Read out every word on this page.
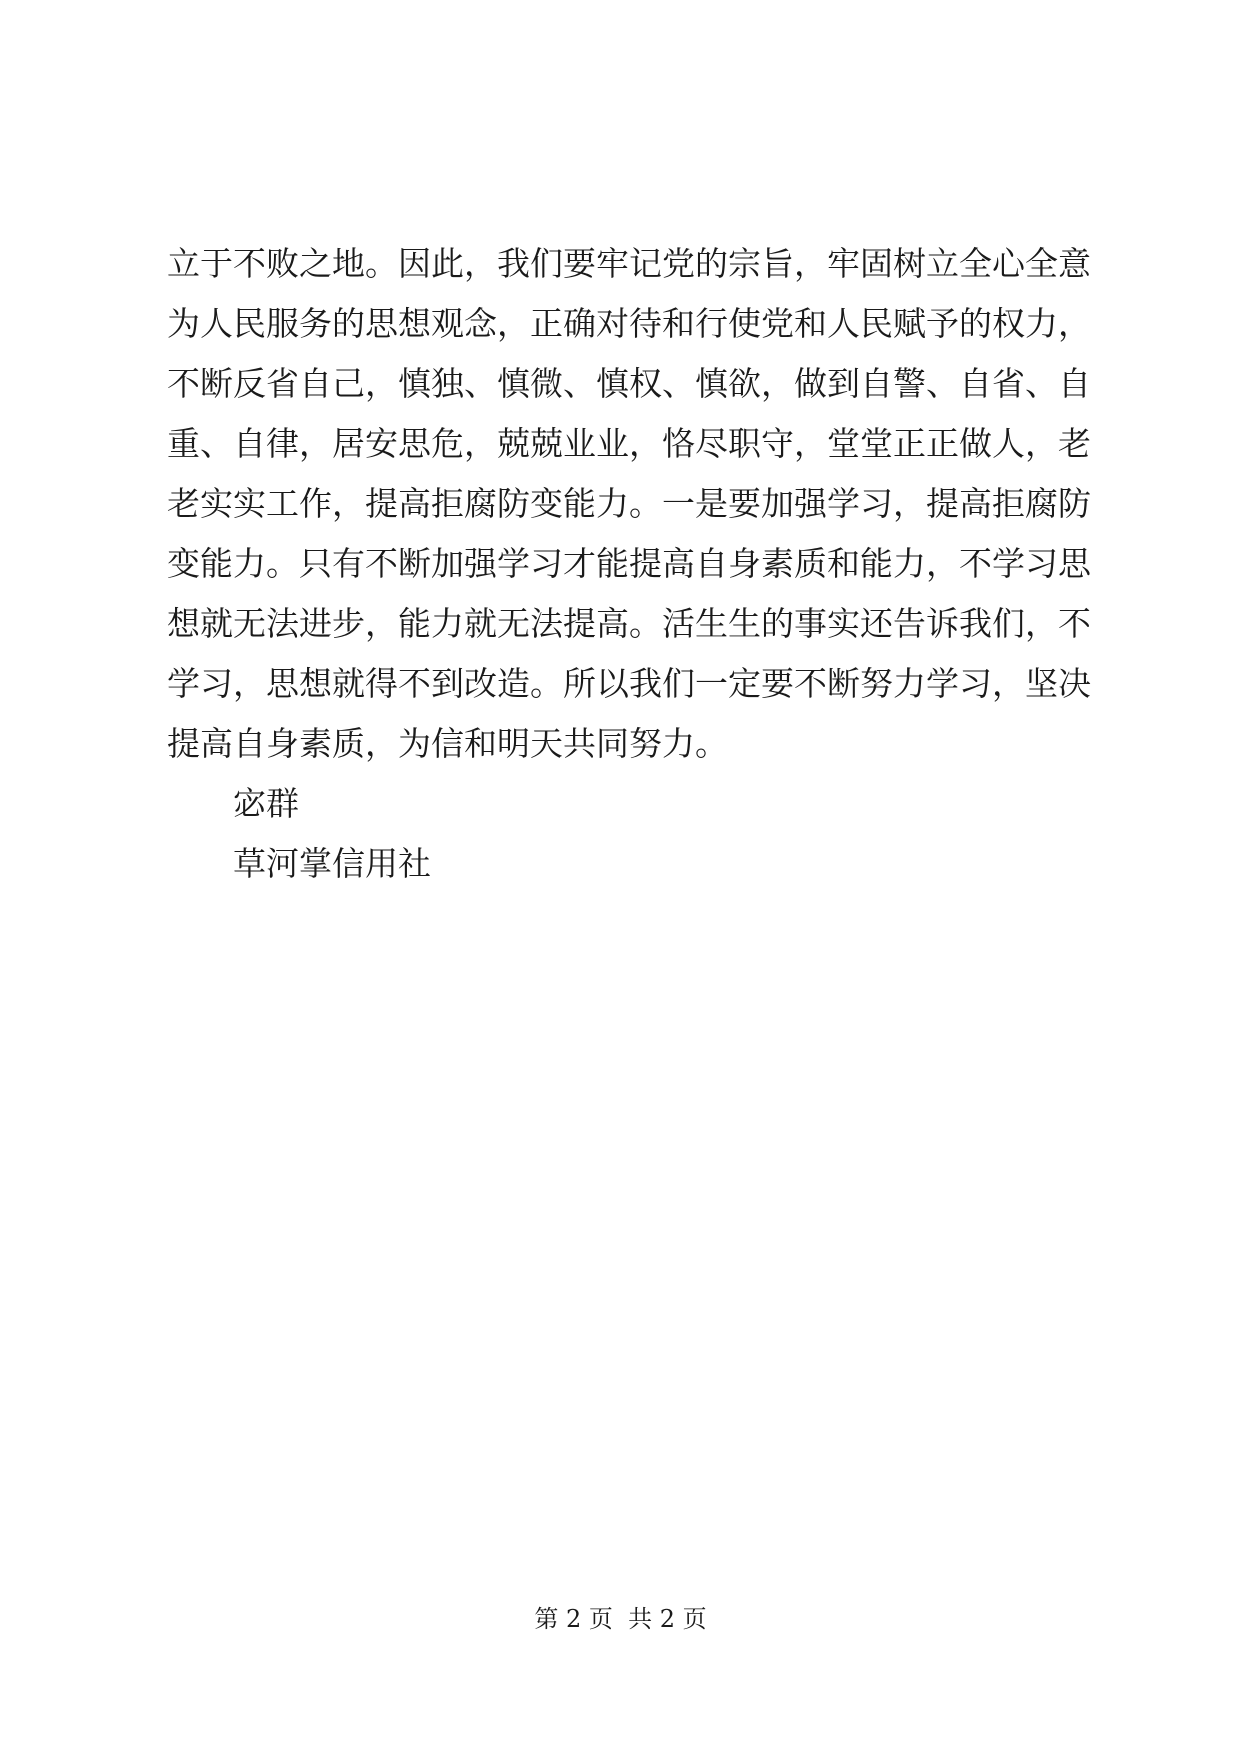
立于不败之地。因此，我们要牢记党的宗旨，牢固树立全心全意
为人民服务的思想观念，正确对待和行使党和人民赋予的权力，
不断反省自己，慎独、慎微、慎权、慎欲，做到自警、自省、自
重、自律，居安思危，兢兢业业，恪尽职守，堂堂正正做人，老
老实实工作，提高拒腐防变能力。一是要加强学习，提高拒腐防
变能力。只有不断加强学习才能提高自身素质和能力，不学习思
想就无法进步，能力就无法提高。活生生的事实还告诉我们，不
学习，思想就得不到改造。所以我们一定要不断努力学习，坚决
提高自身素质，为信和明天共同努力。
宓群
草河掌信用社
第 2 页 共 2 页
